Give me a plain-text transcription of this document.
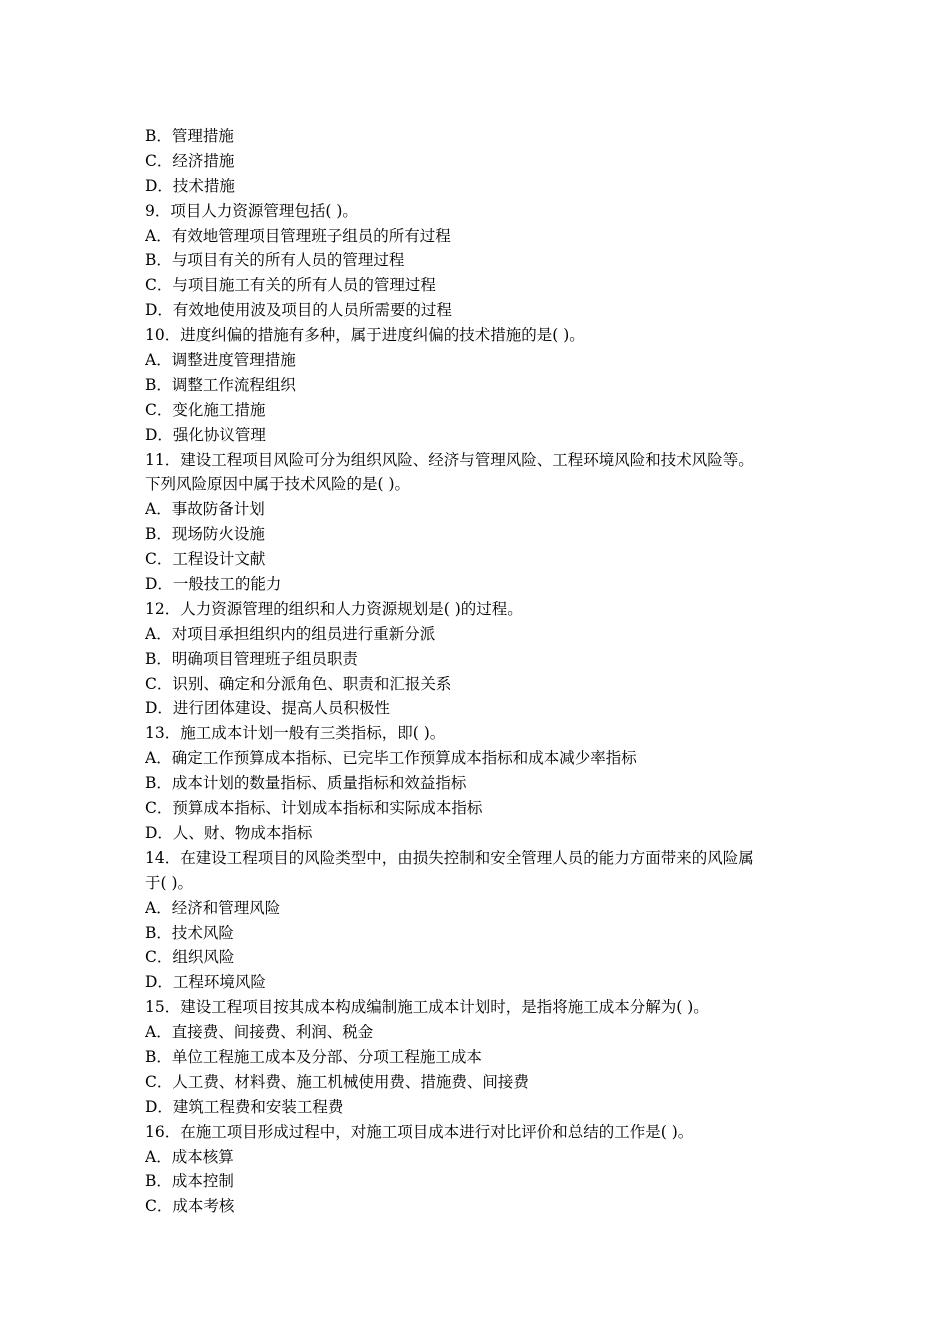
B．管理措施
C．经济措施
D．技术措施
9．项目人力资源管理包括( )。
A．有效地管理项目管理班子组员的所有过程
B．与项目有关的所有人员的管理过程
C．与项目施工有关的所有人员的管理过程
D．有效地使用波及项目的人员所需要的过程
10．进度纠偏的措施有多种，属于进度纠偏的技术措施的是( )。
A．调整进度管理措施
B．调整工作流程组织
C．变化施工措施
D．强化协议管理
11．建设工程项目风险可分为组织风险、经济与管理风险、工程环境风险和技术风险等。
下列风险原因中属于技术风险的是( )。
A．事故防备计划
B．现场防火设施
C．工程设计文献
D．一般技工的能力
12．人力资源管理的组织和人力资源规划是( )的过程。
A．对项目承担组织内的组员进行重新分派
B．明确项目管理班子组员职责
C．识别、确定和分派角色、职责和汇报关系
D．进行团体建设、提高人员积极性
13．施工成本计划一般有三类指标，即( )。
A．确定工作预算成本指标、已完毕工作预算成本指标和成本减少率指标
B．成本计划的数量指标、质量指标和效益指标
C．预算成本指标、计划成本指标和实际成本指标
D．人、财、物成本指标
14．在建设工程项目的风险类型中，由损失控制和安全管理人员的能力方面带来的风险属
于( )。
A．经济和管理风险
B．技术风险
C．组织风险
D．工程环境风险
15．建设工程项目按其成本构成编制施工成本计划时，是指将施工成本分解为( )。
A．直接费、间接费、利润、税金
B．单位工程施工成本及分部、分项工程施工成本
C．人工费、材料费、施工机械使用费、措施费、间接费
D．建筑工程费和安装工程费
16．在施工项目形成过程中，对施工项目成本进行对比评价和总结的工作是( )。
A．成本核算
B．成本控制
C．成本考核
